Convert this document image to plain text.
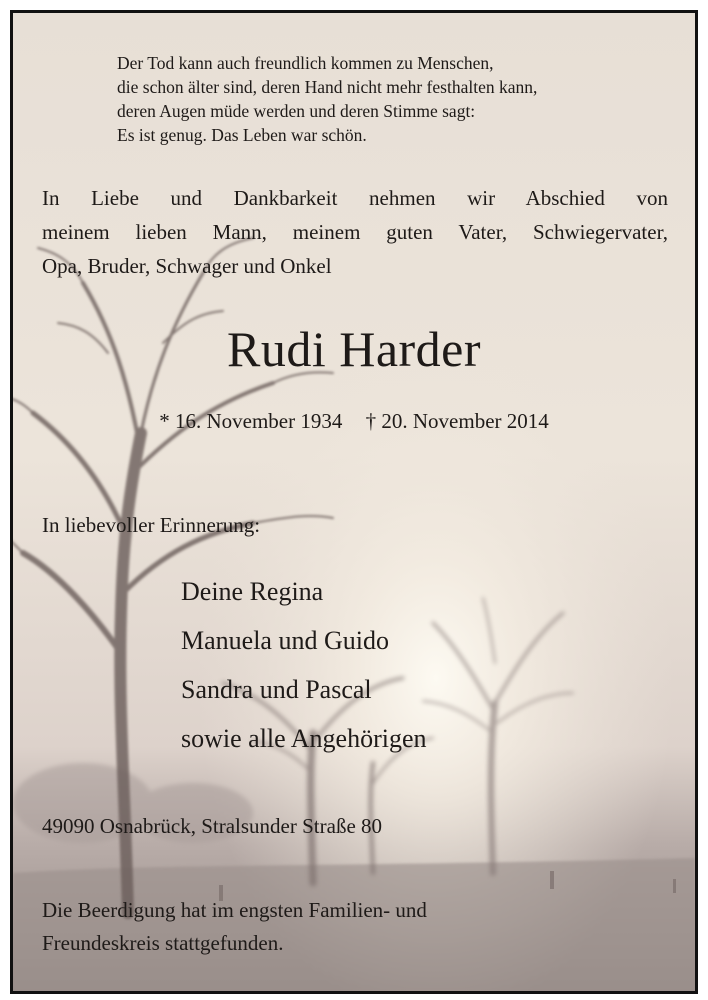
Der Tod kann auch freundlich kommen zu Menschen,
die schon älter sind, deren Hand nicht mehr festhalten kann,
deren Augen müde werden und deren Stimme sagt:
Es ist genug. Das Leben war schön.
In Liebe und Dankbarkeit nehmen wir Abschied von
meinem lieben Mann, meinem guten Vater, Schwiegervater,
Opa, Bruder, Schwager und Onkel
Rudi Harder
* 16. November 1934 † 20. November 2014
In liebevoller Erinnerung:
Deine Regina
Manuela und Guido
Sandra und Pascal
sowie alle Angehörigen
49090 Osnabrück, Stralsunder Straße 80
Die Beerdigung hat im engsten Familien- und
Freundeskreis stattgefunden.
